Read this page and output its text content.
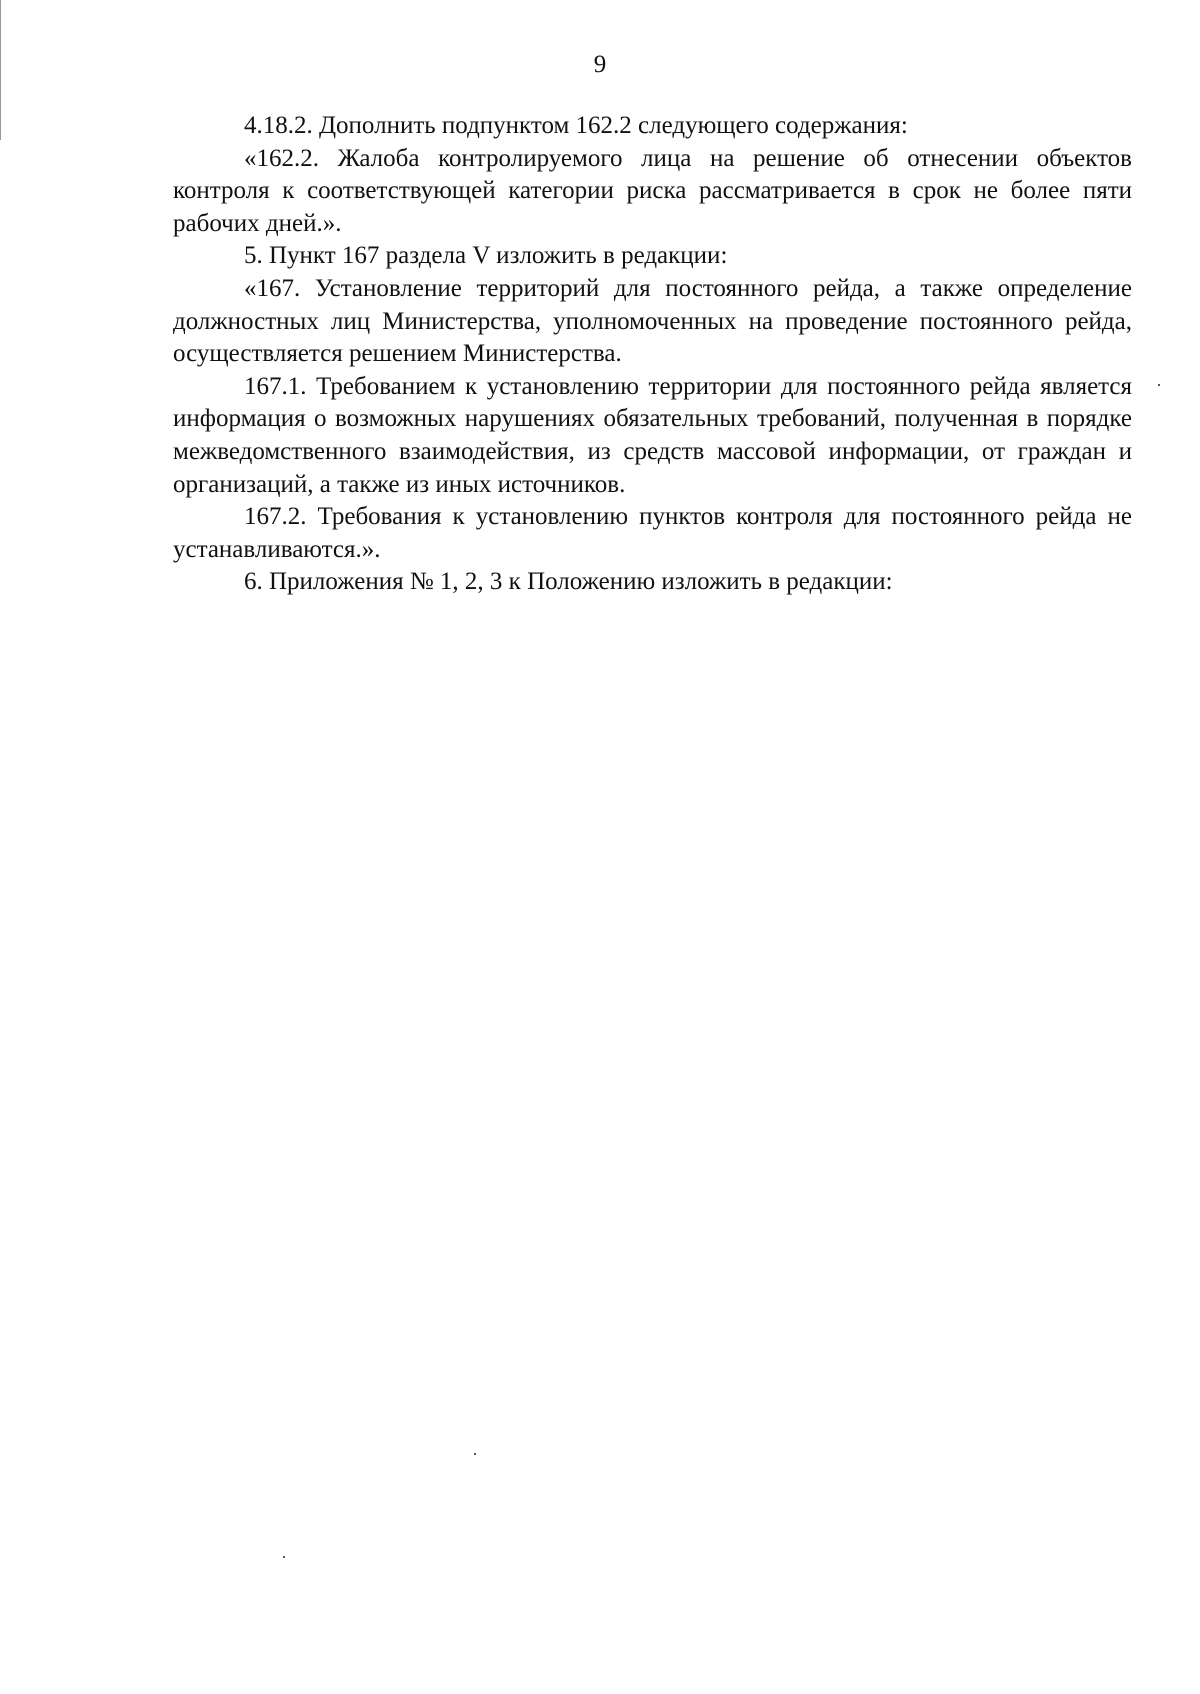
9

4.18.2. Дополнить подпунктом 162.2 следующего содержания:

«162.2. Жалоба контролируемого лица на решение об отнесении объектов контроля к соответствующей категории риска рассматривается в срок не более пяти рабочих дней.».

5. Пункт 167 раздела V изложить в редакции:

«167. Установление территорий для постоянного рейда, а также определение должностных лиц Министерства, уполномоченных на проведение постоянного рейда, осуществляется решением Министерства.

167.1. Требованием к установлению территории для постоянного рейда является информация о возможных нарушениях обязательных требований, полученная в порядке межведомственного взаимодействия, из средств массовой информации, от граждан и организаций, а также из иных источников.

167.2. Требования к установлению пунктов контроля для постоянного рейда не устанавливаются.».

6. Приложения № 1, 2, 3 к Положению изложить в редакции:
